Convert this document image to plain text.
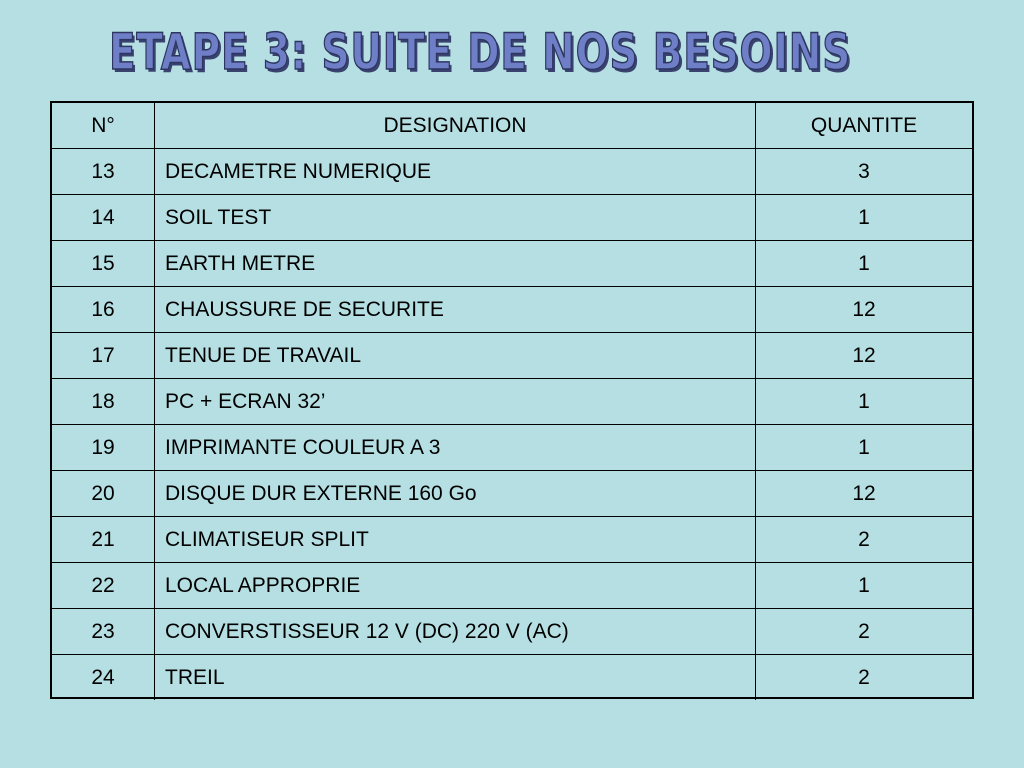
ETAPE 3: SUITE DE NOS BESOINS
N°	DESIGNATION	QUANTITE
13	DECAMETRE NUMERIQUE	3
14	SOIL TEST	1
15	EARTH METRE	1
16	CHAUSSURE DE SECURITE	12
17	TENUE DE TRAVAIL	12
18	PC + ECRAN 32’	1
19	IMPRIMANTE COULEUR A 3	1
20	DISQUE DUR EXTERNE 160 Go	12
21	CLIMATISEUR SPLIT	2
22	LOCAL APPROPRIE	1
23	CONVERSTISSEUR 12 V (DC) 220 V (AC)	2
24	TREIL	2
